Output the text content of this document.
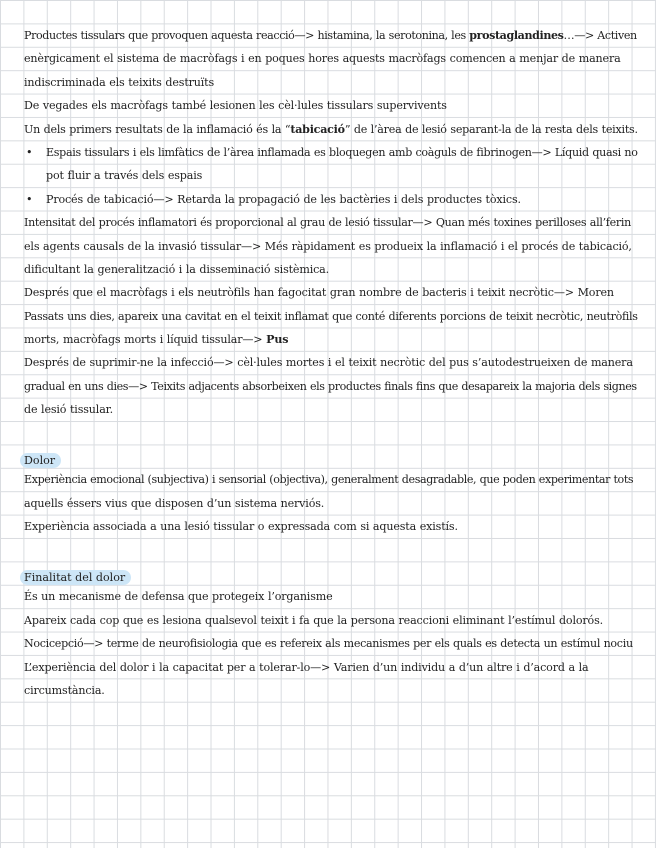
Productes tissulars que provoquen aquesta reacció—> histamina, la serotonina, les prostaglandines…—> Activen
enèrgicament el sistema de macròfags i en poques hores aquests macròfags comencen a menjar de manera
indiscriminada els teixits destruïts
De vegades els macròfags també lesionen les cèl·lules tissulars supervivents
Un dels primers resultats de la inflamació és la “tabicació” de l’àrea de lesió separant-la de la resta dels teixits.
• Espais tissulars i els limfàtics de l’àrea inflamada es bloquegen amb coàguls de fibrinogen—> Líquid quasi no
pot fluir a través dels espais
• Procés de tabicació—> Retarda la propagació de les bactèries i dels productes tòxics.
Intensitat del procés inflamatori és proporcional al grau de lesió tissular—> Quan més toxines perilloses all’ferin
els agents causals de la invasió tissular—> Més ràpidament es produeix la inflamació i el procés de tabicació,
dificultant la generalització i la disseminació sistèmica.
Després que el macròfags i els neutròfils han fagocitat gran nombre de bacteris i teixit necròtic—> Moren
Passats uns dies, apareix una cavitat en el teixit inflamat que conté diferents porcions de teixit necròtic, neutròfils
morts, macròfags morts i líquid tissular—> Pus
Després de suprimir-ne la infecció—> cèl·lules mortes i el teixit necròtic del pus s’autodestrueixen de manera
gradual en uns dies—> Teixits adjacents absorbeixen els productes finals fins que desapareix la majoria dels signes
de lesió tissular.
Dolor
Experiència emocional (subjectiva) i sensorial (objectiva), generalment desagradable, que poden experimentar tots
aquells éssers vius que disposen d’un sistema nerviós.
Experiència associada a una lesió tissular o expressada com si aquesta existís.
Finalitat del dolor
És un mecanisme de defensa que protegeix l’organisme
Apareix cada cop que es lesiona qualsevol teixit i fa que la persona reaccioni eliminant l’estímul dolorós.
Nocicepció—> terme de neurofisiologia que es refereix als mecanismes per els quals es detecta un estímul nociu
L’experiència del dolor i la capacitat per a tolerar-lo—> Varien d’un individu a d’un altre i d’acord a la
circumstància.
